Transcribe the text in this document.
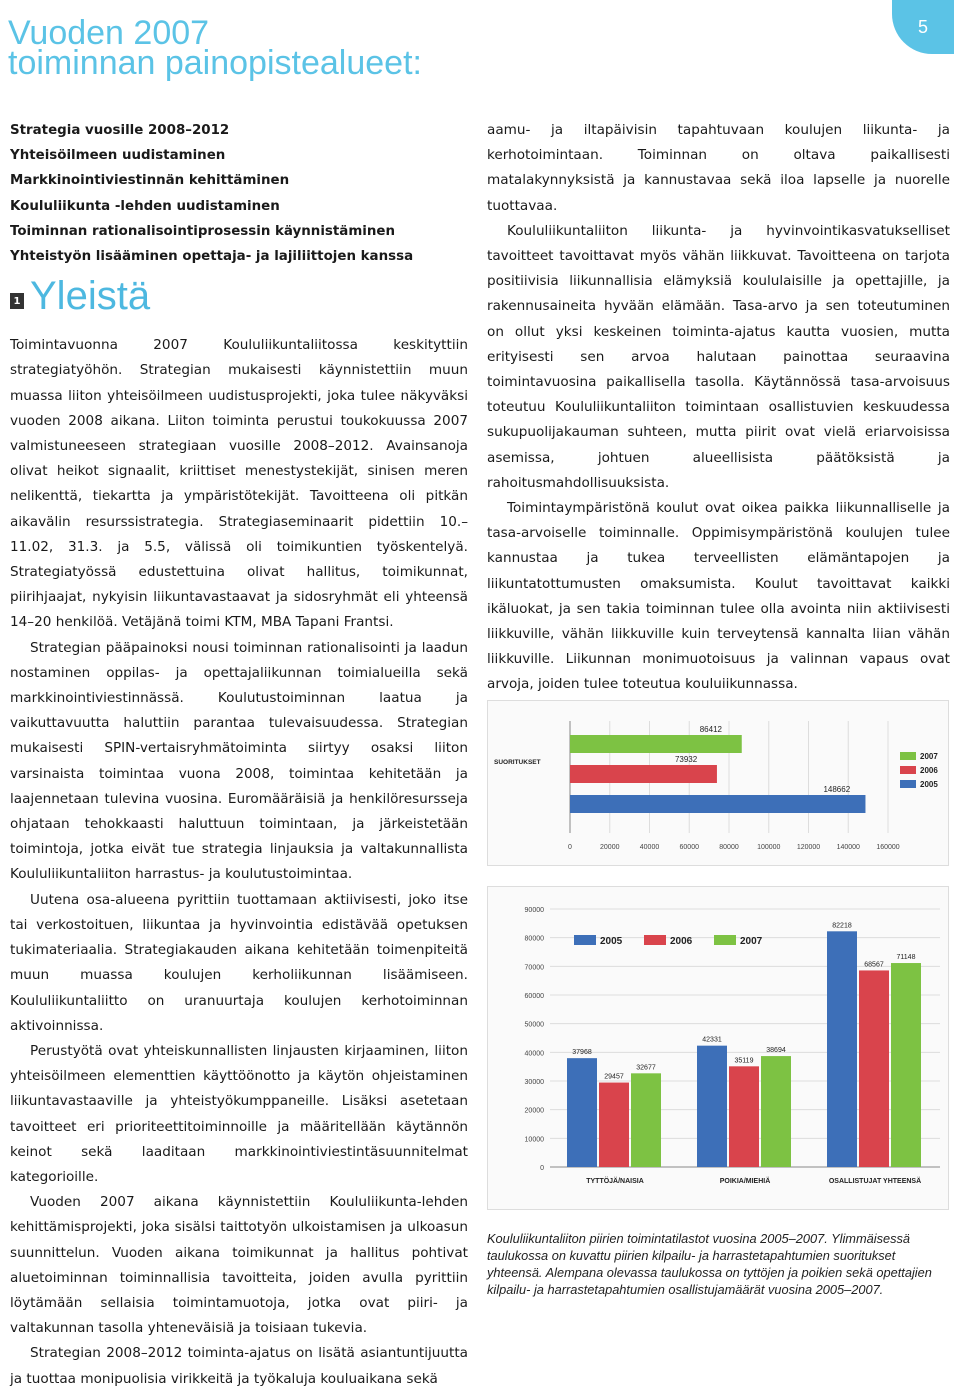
Vuoden 2007
toiminnan painopistealueet:
5
Strategia vuosille 2008–2012
Yhteisöilmeen uudistaminen
Markkinointiviestinnän kehittäminen
Koululiikunta -lehden uudistaminen
Toiminnan rationalisointiprosessin käynnistäminen
Yhteistyön lisääminen opettaja- ja lajiliittojen kanssa
1 Yleistä

Toimintavuonna 2007 Koululiikuntaliitossa keskityttiin strategiatyöhön. Strategian mukaisesti käynnistettiin muun muassa liiton yhteisöilmeen uudistusprojekti, joka tulee näkyväksi vuoden 2008 aikana. Liiton toiminta perustui toukokuussa 2007 valmistuneeseen strategiaan vuosille 2008–2012. Avainsanoja olivat heikot signaalit, kriittiset menestystekijät, sinisen meren nelikenttä, tiekartta ja ympäristötekijät. Tavoitteena oli pitkän aikavälin resurssistrategia. Strategiaseminaarit pidettiin 10.–11.02, 31.3. ja 5.5, välissä oli toimikuntien työskentelyä. Strategiatyössä edustettuina olivat hallitus, toimikunnat, piirihjaajat, nykyisin liikuntavastaavat ja sidosryhmät eli yhteensä 14–20 henkilöä. Vetäjänä toimi KTM, MBA Tapani Frantsi.

Strategian pääpainoksi nousi toiminnan rationalisointi ja laadun nostaminen oppilas- ja opettajaliikunnan toimialueilla sekä markkinointiviestinnässä. Koulutustoiminnan laatua ja vaikuttavuutta haluttiin parantaa tulevaisuudessa. Strategian mukaisesti SPIN-vertaisryhmätoiminta siirtyy osaksi liiton varsinaista toimintaa vuona 2008, toimintaa kehitetään ja laajennetaan tulevina vuosina. Euromääräisiä ja henkilöresursseja ohjataan tehokkaasti haluttuun toimintaan, ja järkeistetään toimintoja, jotka eivät tue strategia linjauksia ja valtakunnallista Koululiikuntaliiton harrastus- ja koulutustoimintaa.

Uutena osa-alueena pyrittiin tuottamaan aktiivisesti, joko itse tai verkostoituen, liikuntaa ja hyvinvointia edistävää opetuksen tukimateriaalia. Strategiakauden aikana kehitetään toimenpiteitä muun muassa koulujen kerholiikunnan lisäämiseen. Koululiikuntaliitto on uranuurtaja koulujen kerhotoiminnan aktivoinnissa.

Perustyötä ovat yhteiskunnallisten linjausten kirjaaminen, liiton yhteisöilmeen elementtien käyttöönotto ja käytön ohjeistaminen liikuntavastaaville ja yhteistyökumppaneille. Lisäksi asetetaan tavoitteet eri prioriteettitoiminnoille ja määritellään käytännön keinot sekä laaditaan markkinointiviestintäsuunnitelmat kategorioille.

Vuoden 2007 aikana käynnistettiin Koululiikunta-lehden kehittämisprojekti, joka sisälsi taittotyön ulkoistamisen ja ulkoasun suunnittelun. Vuoden aikana toimikunnat ja hallitus pohtivat aluetoiminnan toiminnallisia tavoitteita, joiden avulla pyrittiin löytämään sellaisia toimintamuotoja, jotka ovat piiri- ja valtakunnan tasolla yhteneväisiä ja toisiaan tukevia.

Strategian 2008–2012 toiminta-ajatus on lisätä asiantuntijuutta ja tuottaa monipuolisia virikkeitä ja työkaluja kouluaikana sekä

aamu- ja iltapäivisin tapahtuvaan koulujen liikunta- ja kerhotoimintaan. Toiminnan on oltava paikallisesti matalakynnyksistä ja kannustavaa sekä iloa lapselle ja nuorelle tuottavaa.

Koululiikuntaliiton liikunta- ja hyvinvointikasvatukselliset tavoitteet tavoittavat myös vähän liikkuvat. Tavoitteena on tarjota positiivisia liikunnallisia elämyksiä koululaisille ja opettajille, ja rakennusaineita hyvään elämään. Tasa-arvo ja sen toteutuminen on ollut yksi keskeinen toiminta-ajatus kautta vuosien, mutta erityisesti sen arvoa halutaan painottaa seuraavina toimintavuosina paikallisella tasolla. Käytännössä tasa-arvoisuus toteutuu Koululiikuntaliiton toimintaan osallistuvien keskuudessa sukupuolijakauman suhteen, mutta piirit ovat vielä eriarvoisissa asemissa, johtuen alueellisista päätöksistä ja rahoitusmahdollisuuksista.

Toimintaympäristönä koulut ovat oikea paikka liikunnalliselle ja tasa-arvoiselle toiminnalle. Oppimisympäristönä koulujen tulee kannustaa ja tukea terveellisten elämäntapojen ja liikuntatottumusten omaksumista. Koulut tavoittavat kaikki ikäluokat, ja sen takia toiminnan tulee olla avointa niin aktiivisesti liikkuville, vähän liikkuville kuin terveytensä kannalta liian vähän liikkuville. Liikunnan monimuotoisuus ja valinnan vapaus ovat arvoja, joiden tulee toteutua kouluiikunnassa.

0	20000	40000	60000	80000	100000 120000 140000 160000
SUORITUKSET
86412
73932
148662
2007
2006
2005
0
10000
20000
30000
40000
50000
60000
70000
80000
90000
37968
29457
32677
TYTTÖJÄ/NAISIA
42331
35119
38694
POIKIA/MIEHIÄ
82218
68567
71148
OSALLISTUJAT YHTEENSÄ
2005	2006	2007
Koululiikuntaliiton piirien toimintatilastot vuosina 2005–2007. Ylimmäisessä taulukossa on kuvattu piirien kilpailu- ja harrastetapahtumien suoritukset yhteensä. Alempana olevassa taulukossa on tyttöjen ja poikien sekä opettajien kilpailu- ja harrastetapahtumien osallistujamäärät vuosina 2005–2007.
